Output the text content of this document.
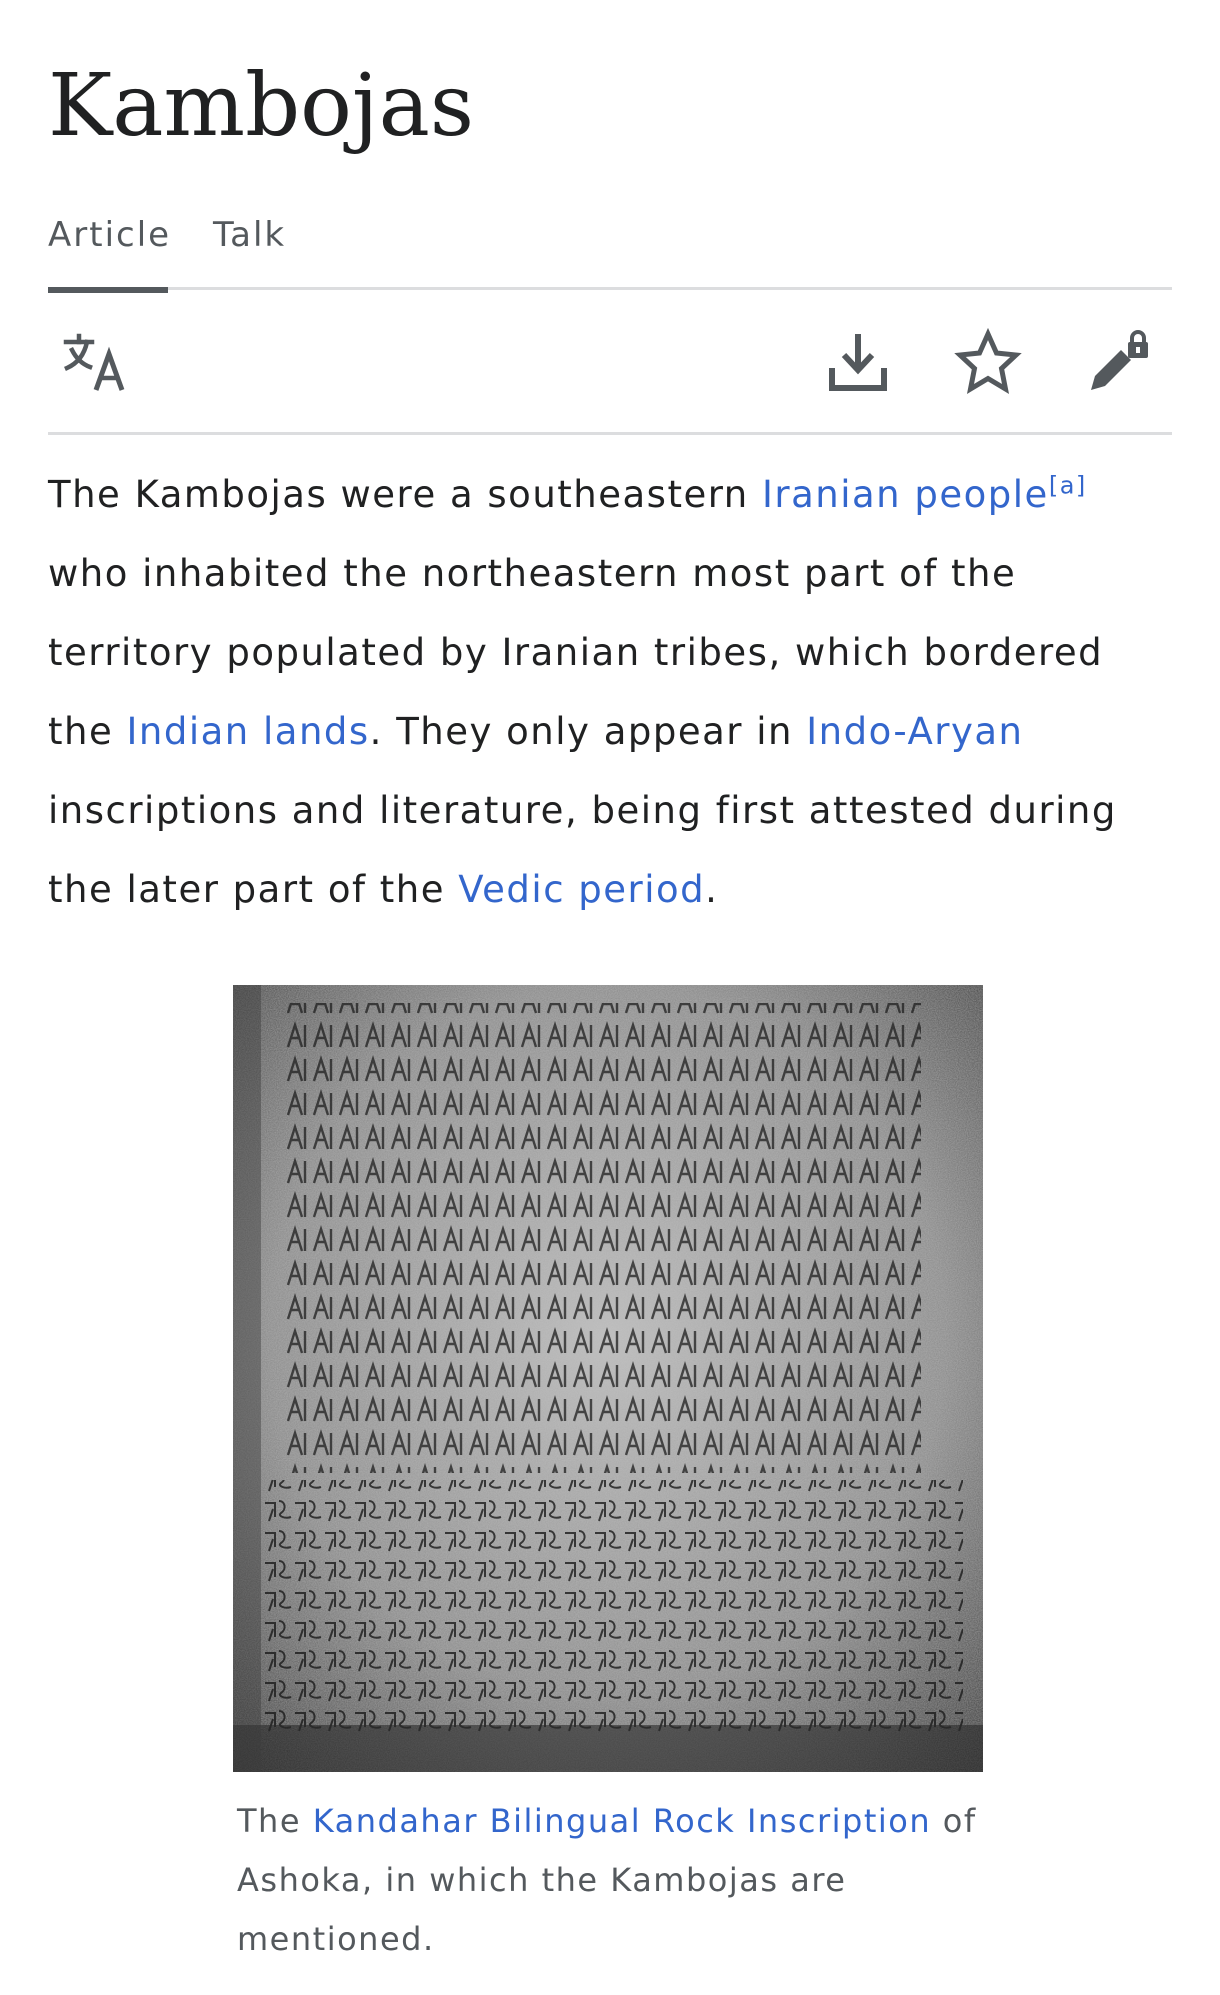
Kambojas
Article Talk

The Kambojas were a southeastern Iranian people[a] who inhabited the northeastern most part of the territory populated by Iranian tribes, which bordered the Indian lands. They only appear in Indo-Aryan inscriptions and literature, being first attested during the later part of the Vedic period.

The Kandahar Bilingual Rock Inscription of Ashoka, in which the Kambojas are mentioned.
